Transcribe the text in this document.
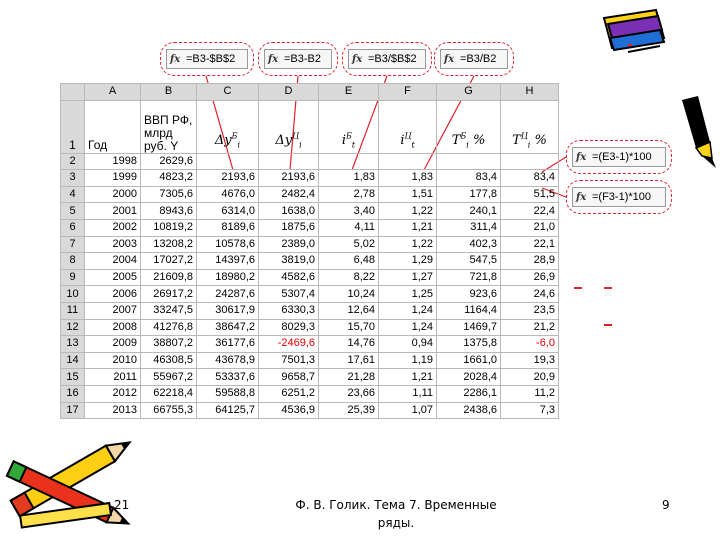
fx =B3-$B$2	fx =B3-B2	fx =B3/$B$2	fx =B3/B2
fx =(E3-1)*100
fx =(F3-1)*100
	A	B	C	D	E	F	G	H
1	Год	ВВП РФ,
млрд
руб. Y	$\Delta y^Б_i$	$\Delta y^Ц_i$	$i^Б_t$	$i^Ц_t$	$T^Б_i$ %	$T^Ц_i$ %
2	1998	2629,6						
3	1999	4823,2	2193,6	2193,6	1,83	1,83	83,4	83,4
4	2000	7305,6	4676,0	2482,4	2,78	1,51	177,8	51,5
5	2001	8943,6	6314,0	1638,0	3,40	1,22	240,1	22,4
6	2002	10819,2	8189,6	1875,6	4,11	1,21	311,4	21,0
7	2003	13208,2	10578,6	2389,0	5,02	1,22	402,3	22,1
8	2004	17027,2	14397,6	3819,0	6,48	1,29	547,5	28,9
9	2005	21609,8	18980,2	4582,6	8,22	1,27	721,8	26,9
10	2006	26917,2	24287,6	5307,4	10,24	1,25	923,6	24,6
11	2007	33247,5	30617,9	6330,3	12,64	1,24	1164,4	23,5
12	2008	41276,8	38647,2	8029,3	15,70	1,24	1469,7	21,2
13	2009	38807,2	36177,6	-2469,6	14,76	0,94	1375,8	-6,0
14	2010	46308,5	43678,9	7501,3	17,61	1,19	1661,0	19,3
15	2011	55967,2	53337,6	9658,7	21,28	1,21	2028,4	20,9
16	2012	62218,4	59588,8	6251,2	23,66	1,11	2286,1	11,2
17	2013	66755,3	64125,7	4536,9	25,39	1,07	2438,6	7,3
21	Ф. В. Голик. Тема 7. Временные ряды.
9
